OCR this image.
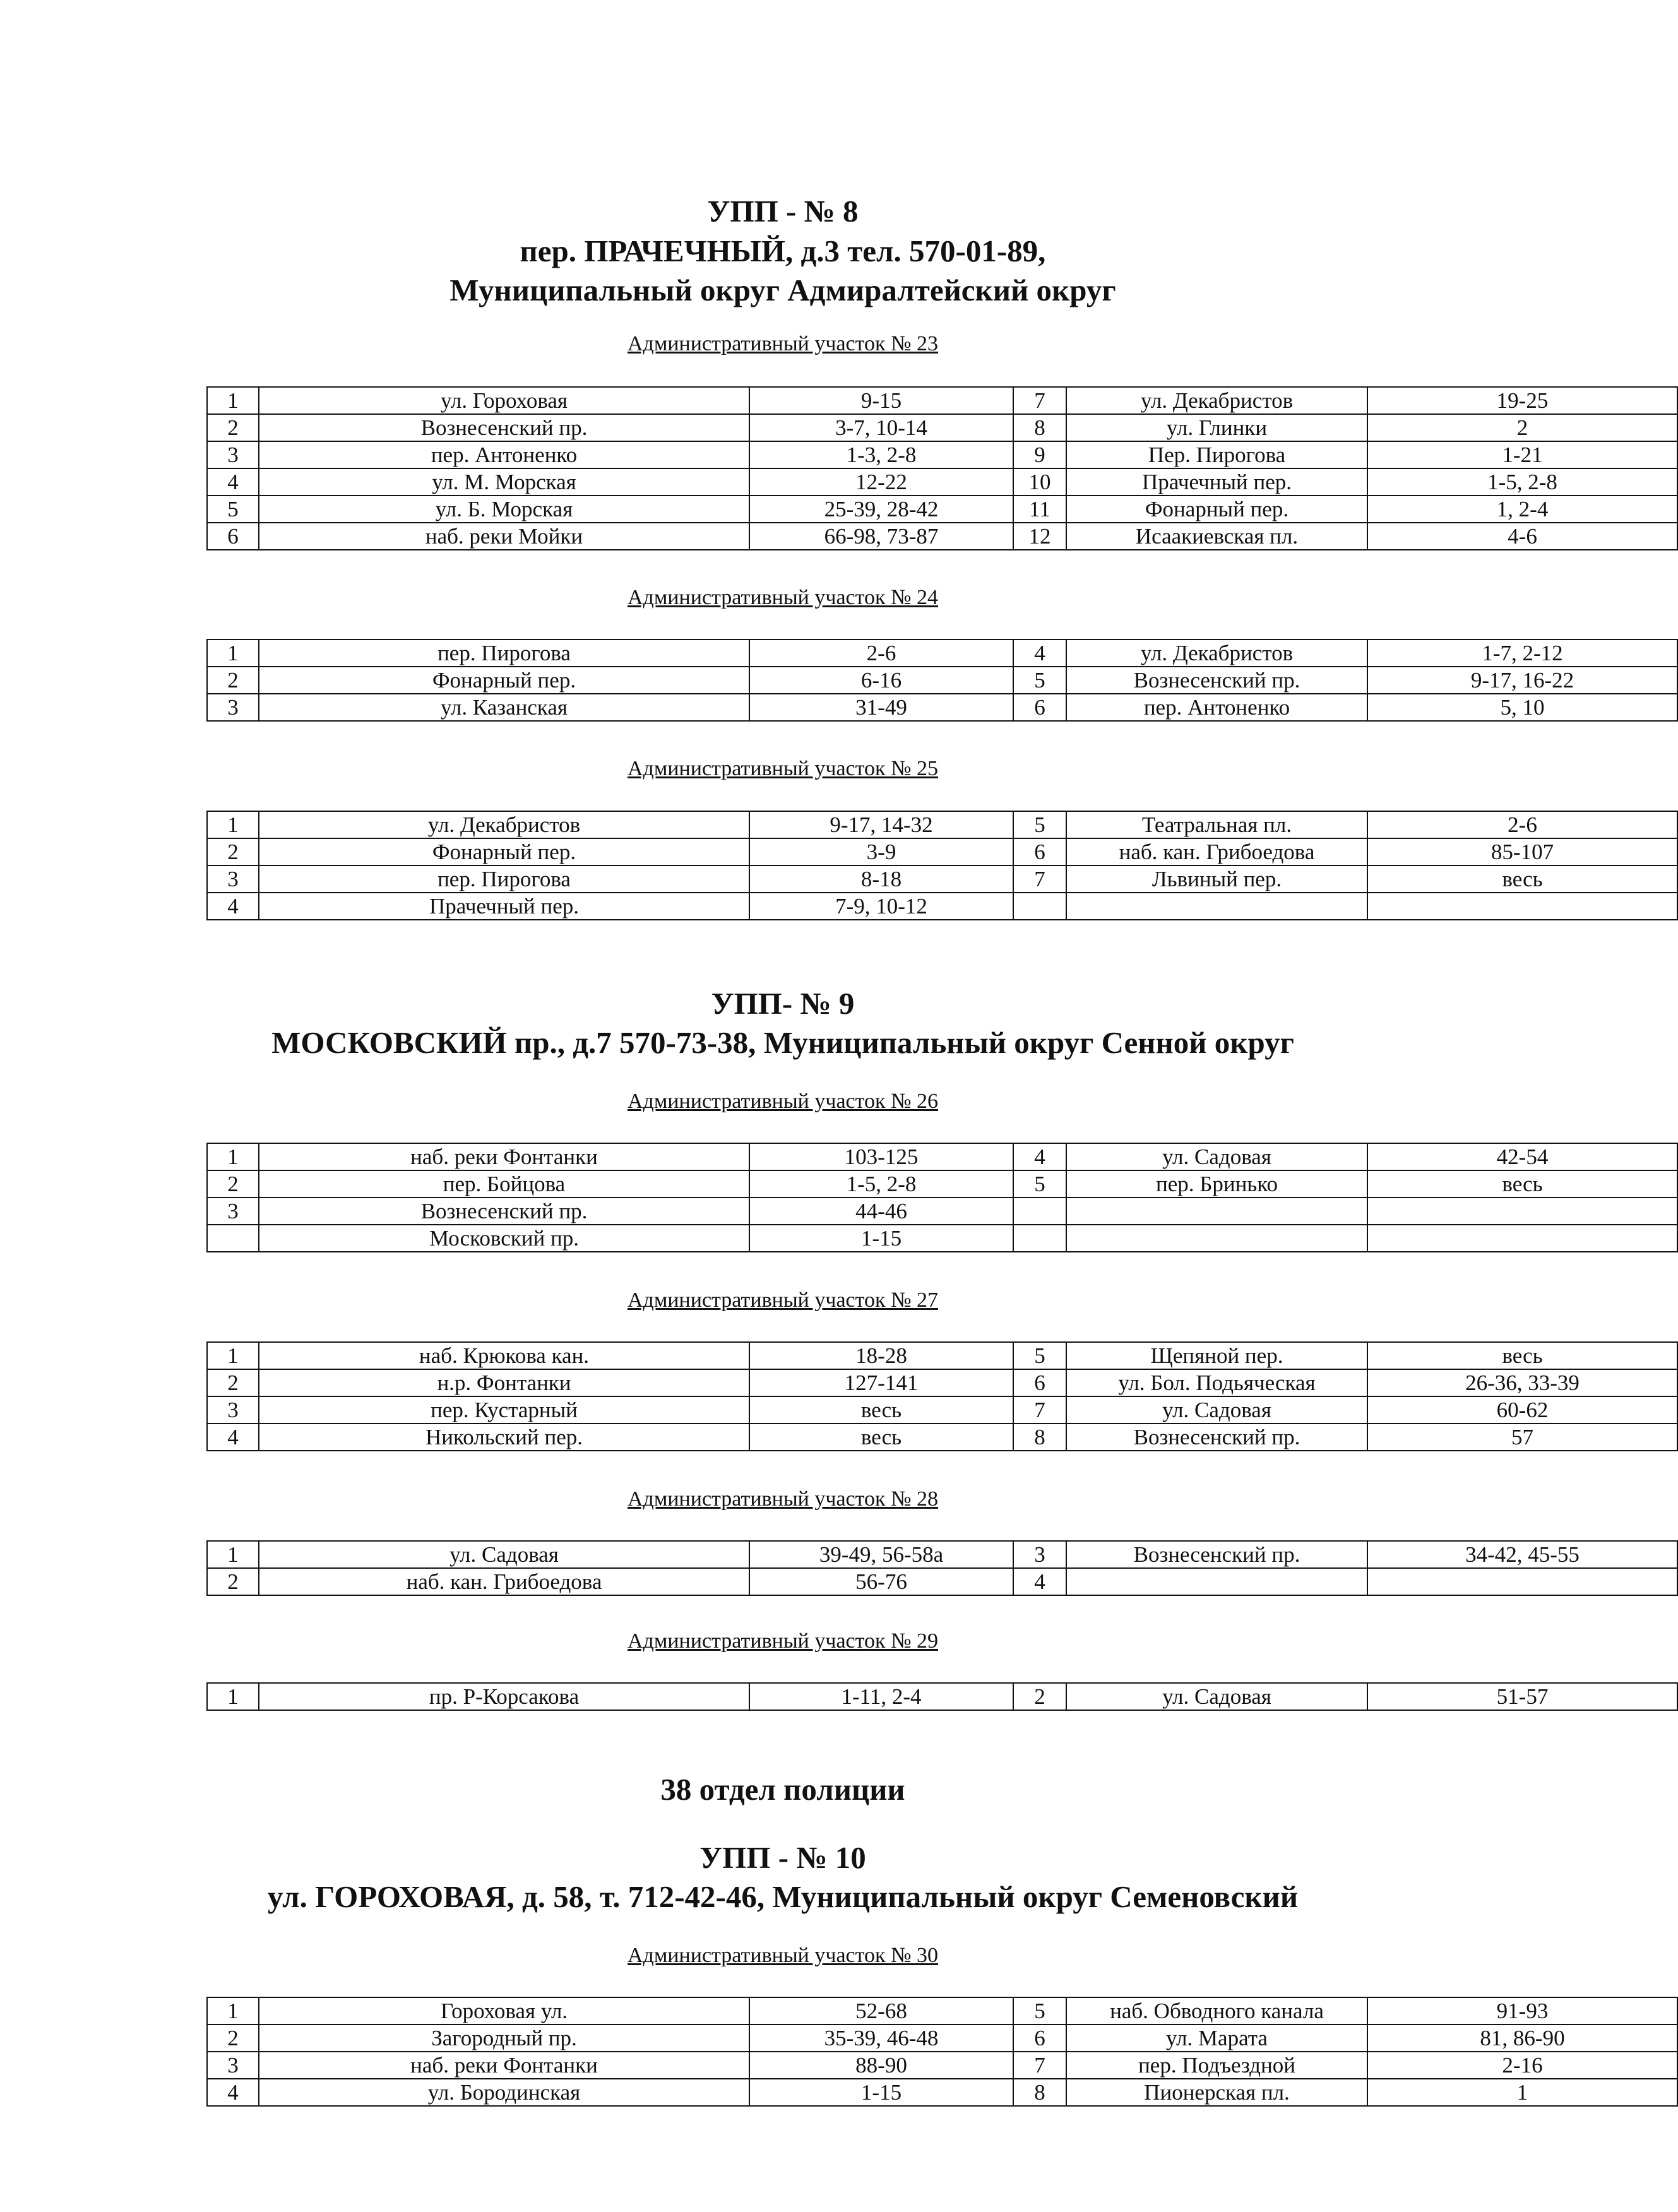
УПП - № 8
пер. ПРАЧЕЧНЫЙ, д.3 тел. 570-01-89,
Муниципальный округ Адмиралтейский округ
Административный участок № 23
1	ул. Гороховая	9-15	7	ул. Декабристов	19-25
2	Вознесенский пр.	3-7, 10-14	8	ул. Глинки	2
3	пер. Антоненко	1-3, 2-8	9	Пер. Пирогова	1-21
4	ул. М. Морская	12-22	10	Прачечный пер.	1-5, 2-8
5	ул. Б. Морская	25-39, 28-42	11	Фонарный пер.	1, 2-4
6	наб. реки Мойки	66-98, 73-87	12	Исаакиевская пл.	4-6
Административный участок № 24
1	пер. Пирогова	2-6	4	ул. Декабристов	1-7, 2-12
2	Фонарный пер.	6-16	5	Вознесенский пр.	9-17, 16-22
3	ул. Казанская	31-49	6	пер. Антоненко	5, 10
Административный участок № 25
1	ул. Декабристов	9-17, 14-32	5	Театральная пл.	2-6
2	Фонарный пер.	3-9	6	наб. кан. Грибоедова	85-107
3	пер. Пирогова	8-18	7	Львиный пер.	весь
4	Прачечный пер.	7-9, 10-12			
УПП- № 9
МОСКОВСКИЙ пр., д.7 570-73-38, Муниципальный округ Сенной округ
Административный участок № 26
1	наб. реки Фонтанки	103-125	4	ул. Садовая	42-54
2	пер. Бойцова	1-5, 2-8	5	пер. Бринько	весь
3	Вознесенский пр.	44-46			
	Московский пр.	1-15			
Административный участок № 27
1	наб. Крюкова кан.	18-28	5	Щепяной пер.	весь
2	н.р. Фонтанки	127-141	6	ул. Бол. Подьяческая	26-36, 33-39
3	пер. Кустарный	весь	7	ул. Садовая	60-62
4	Никольский пер.	весь	8	Вознесенский пр.	57
Административный участок № 28
1	ул. Садовая	39-49, 56-58а	3	Вознесенский пр.	34-42, 45-55
2	наб. кан. Грибоедова	56-76	4		
Административный участок № 29
1	пр. Р-Корсакова	1-11, 2-4	2	ул. Садовая	51-57
38 отдел полиции
УПП - № 10
ул. ГОРОХОВАЯ, д. 58, т. 712-42-46, Муниципальный округ Семеновский
Административный участок № 30
1	Гороховая ул.	52-68	5	наб. Обводного канала	91-93
2	Загородный пр.	35-39, 46-48	6	ул. Марата	81, 86-90
3	наб. реки Фонтанки	88-90	7	пер. Подъездной	2-16
4	ул. Бородинская	1-15	8	Пионерская пл.	1
